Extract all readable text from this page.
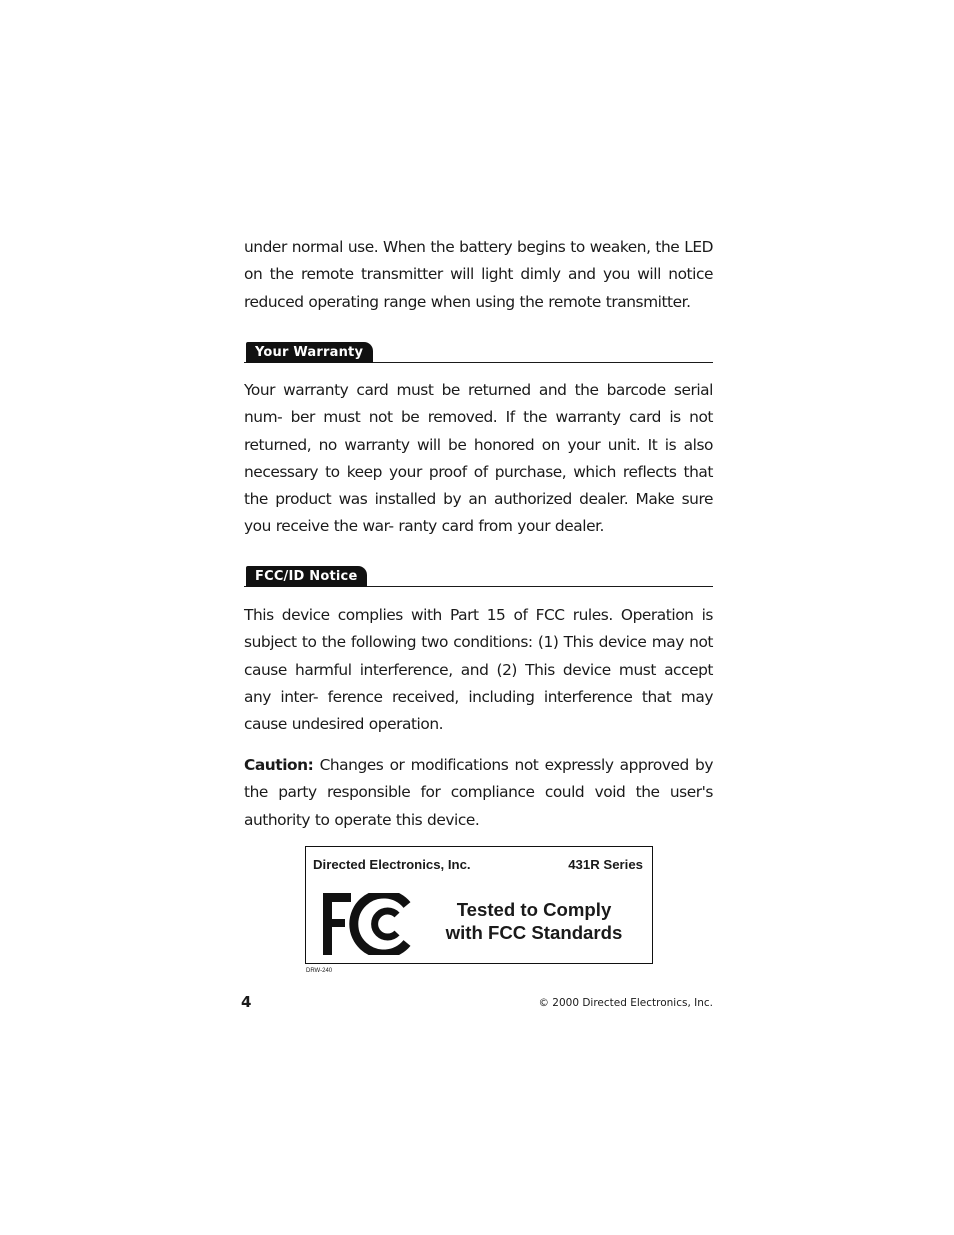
under normal use. When the battery begins to weaken, the LED on the remote transmitter will light dimly and you will notice reduced operating range when using the remote transmitter.

Your Warranty

Your warranty card must be returned and the barcode serial num- ber must not be removed. If the warranty card is not returned, no warranty will be honored on your unit. It is also necessary to keep your proof of purchase, which reflects that the product was installed by an authorized dealer. Make sure you receive the war- ranty card from your dealer.

FCC/ID Notice

This device complies with Part 15 of FCC rules. Operation is subject to the following two conditions: (1) This device may not cause harmful interference, and (2) This device must accept any inter- ference received, including interference that may cause undesired operation.

Caution: Changes or modifications not expressly approved by the party responsible for compliance could void the user's authority to operate this device.

Directed Electronics, Inc.	431R Series
Tested to Comply
with FCC Standards
DRW-240
4	© 2000 Directed Electronics, Inc.
